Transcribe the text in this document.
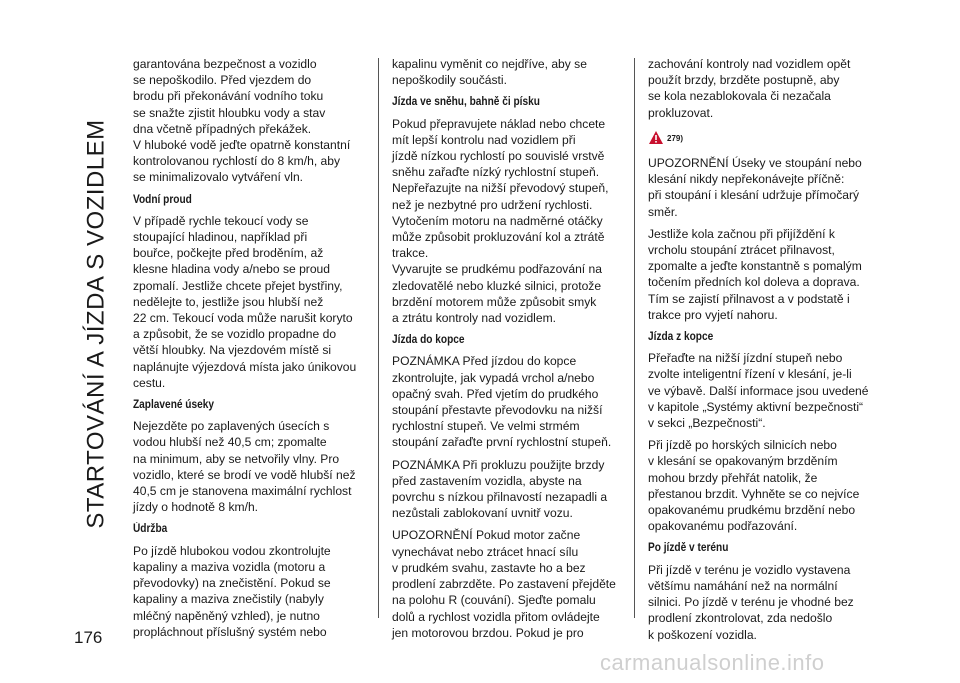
STARTOVÁNÍ A JÍZDA S VOZIDLEM
176
garantována bezpečnost a vozidlo
se nepoškodilo. Před vjezdem do
brodu při překonávání vodního toku
se snažte zjistit hloubku vody a stav
dna včetně případných překážek.
V hluboké vodě jeďte opatrně konstantní
kontrolovanou rychlostí do 8 km/h, aby
se minimalizovalo vytváření vln.
Vodní proud
V případě rychle tekoucí vody se
stoupající hladinou, například při
bouřce, počkejte před broděním, až
klesne hladina vody a/nebo se proud
zpomalí. Jestliže chcete přejet bystřiny,
nedělejte to, jestliže jsou hlubší než
22 cm. Tekoucí voda může narušit koryto
a způsobit, že se vozidlo propadne do
větší hloubky. Na vjezdovém místě si
naplánujte výjezdová místa jako únikovou
cestu.
Zaplavené úseky
Nejezděte po zaplavených úsecích s
vodou hlubší než 40,5 cm; zpomalte
na minimum, aby se netvořily vlny. Pro
vozidlo, které se brodí ve vodě hlubší než
40,5 cm je stanovena maximální rychlost
jízdy o hodnotě 8 km/h.
Údržba
Po jízdě hlubokou vodou zkontrolujte
kapaliny a maziva vozidla (motoru a
převodovky) na znečistění. Pokud se
kapaliny a maziva znečistily (nabyly
mléčný napěněný vzhled), je nutno
propláchnout příslušný systém nebo
kapalinu vyměnit co nejdříve, aby se
nepoškodily součásti.
Jízda ve sněhu, bahně či písku
Pokud přepravujete náklad nebo chcete
mít lepší kontrolu nad vozidlem při
jízdě nízkou rychlostí po souvislé vrstvě
sněhu zařaďte nízký rychlostní stupeň.
Nepřeřazujte na nižší převodový stupeň,
než je nezbytné pro udržení rychlosti.
Vytočením motoru na nadměrné otáčky
může způsobit prokluzování kol a ztrátě
trakce.
Vyvarujte se prudkému podřazování na
zledovatělé nebo kluzké silnici, protože
brzdění motorem může způsobit smyk
a ztrátu kontroly nad vozidlem.
Jízda do kopce
POZNÁMKA Před jízdou do kopce
zkontrolujte, jak vypadá vrchol a/nebo
opačný svah. Před vjetím do prudkého
stoupání přestavte převodovku na nižší
rychlostní stupeň. Ve velmi strmém
stoupání zařaďte první rychlostní stupeň.
POZNÁMKA Při prokluzu použijte brzdy
před zastavením vozidla, abyste na
povrchu s nízkou přilnavostí nezapadli a
nezůstali zablokovaní uvnitř vozu.
UPOZORNĚNÍ Pokud motor začne
vynechávat nebo ztrácet hnací sílu
v prudkém svahu, zastavte ho a bez
prodlení zabrzděte. Po zastavení přejděte
na polohu R (couvání). Sjeďte pomalu
dolů a rychlost vozidla přitom ovládejte
jen motorovou brzdou. Pokud je pro
zachování kontroly nad vozidlem opět
použít brzdy, brzděte postupně, aby
se kola nezablokovala či nezačala
prokluzovat.
279)
UPOZORNĚNÍ Úseky ve stoupání nebo
klesání nikdy nepřekonávejte příčně:
při stoupání i klesání udržuje přímočarý
směr.
Jestliže kola začnou při přijíždění k
vrcholu stoupání ztrácet přilnavost,
zpomalte a jeďte konstantně s pomalým
točením předních kol doleva a doprava.
Tím se zajistí přilnavost a v podstatě i
trakce pro vyjetí nahoru.
Jízda z kopce
Přeřaďte na nižší jízdní stupeň nebo
zvolte inteligentní řízení v klesání, je-li
ve výbavě. Další informace jsou uvedené
v kapitole „Systémy aktivní bezpečnosti“
v sekci „Bezpečnosti“.
Při jízdě po horských silnicích nebo
v klesání se opakovaným brzděním
mohou brzdy přehřát natolik, že
přestanou brzdit. Vyhněte se co nejvíce
opakovanému prudkému brzdění nebo
opakovanému podřazování.
Po jízdě v terénu
Při jízdě v terénu je vozidlo vystavena
většímu namáhání než na normální
silnici. Po jízdě v terénu je vhodné bez
prodlení zkontrolovat, zda nedošlo
k poškození vozidla.
carmanualsonline.info
